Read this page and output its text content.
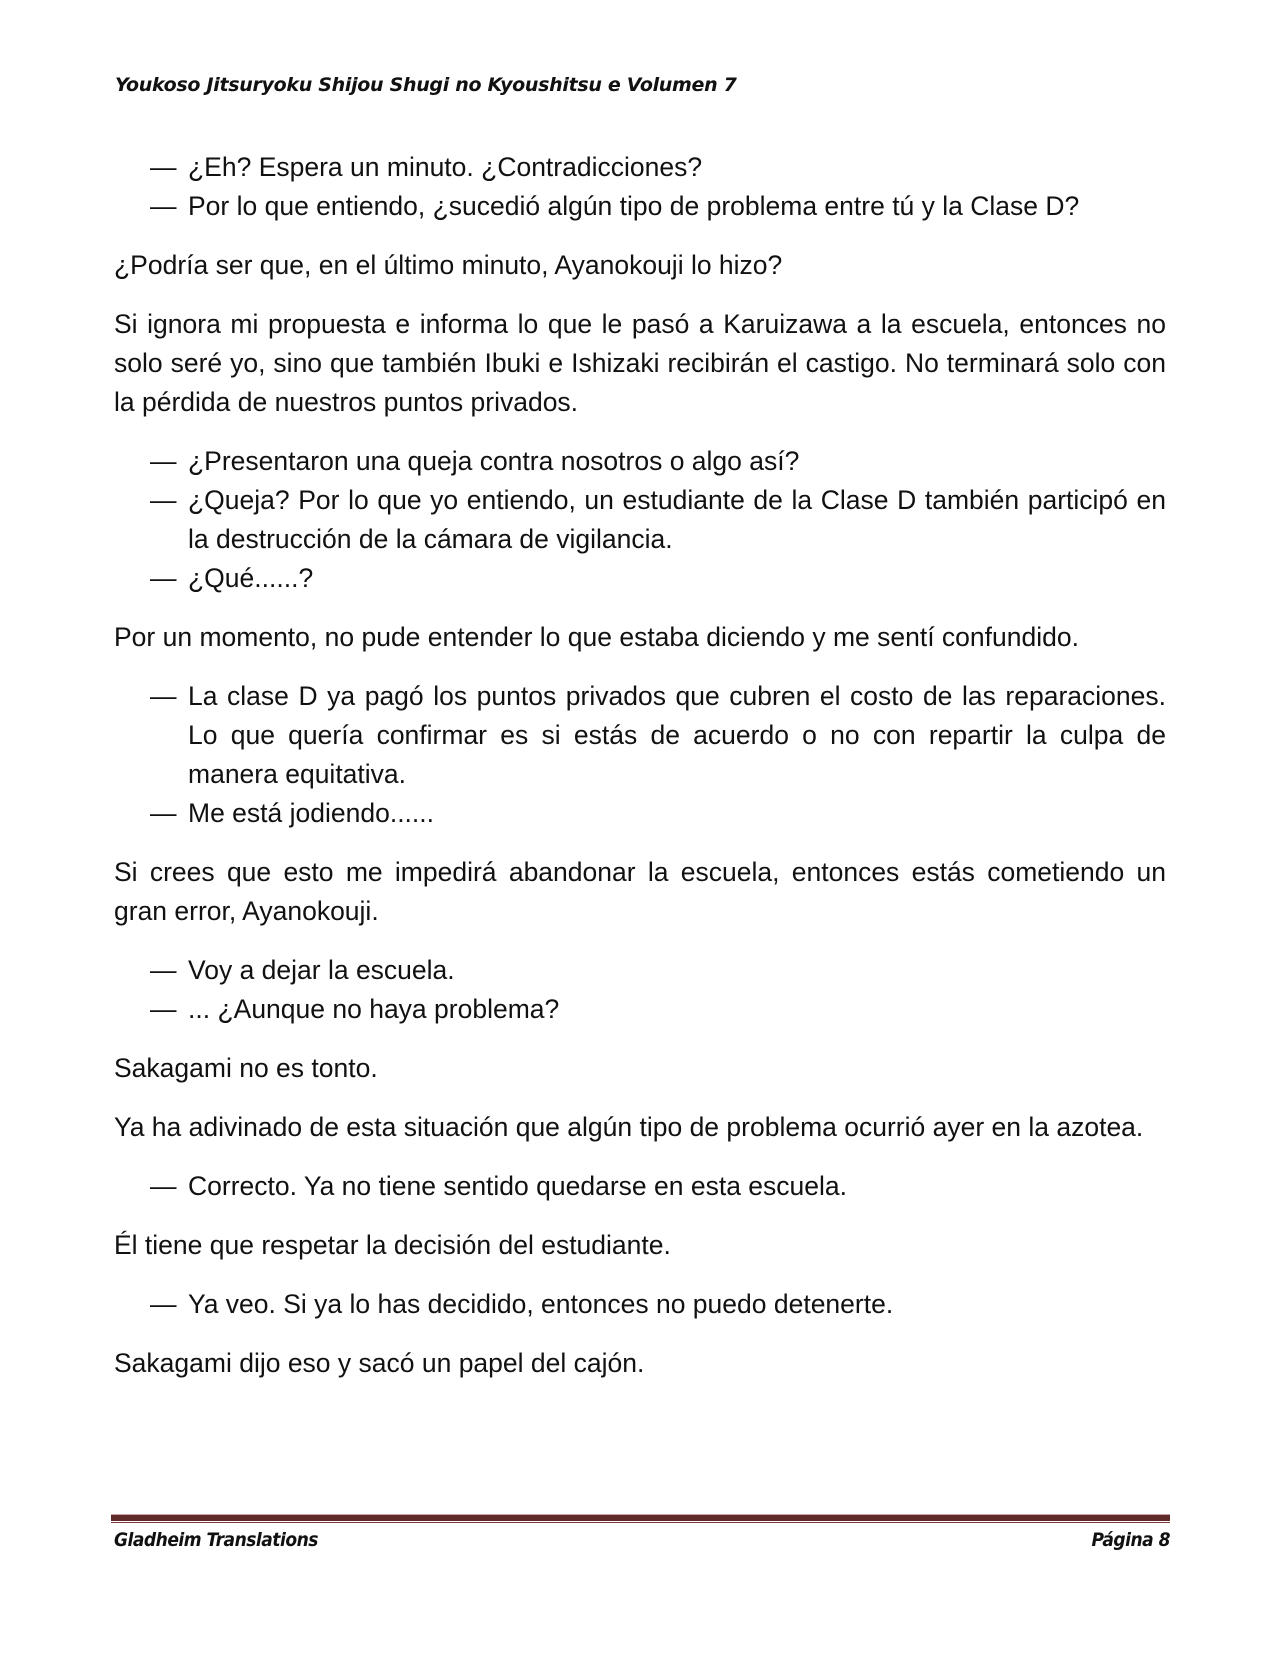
Youkoso Jitsuryoku Shijou Shugi no Kyoushitsu e Volumen 7

— ¿Eh? Espera un minuto. ¿Contradicciones?

— Por lo que entiendo, ¿sucedió algún tipo de problema entre tú y la Clase D?

¿Podría ser que, en el último minuto, Ayanokouji lo hizo?

Si ignora mi propuesta e informa lo que le pasó a Karuizawa a la escuela, entonces no solo seré yo, sino que también Ibuki e Ishizaki recibirán el castigo. No terminará solo con la pérdida de nuestros puntos privados.

— ¿Presentaron una queja contra nosotros o algo así?

— ¿Queja? Por lo que yo entiendo, un estudiante de la Clase D también participó en la destrucción de la cámara de vigilancia.

— ¿Qué......?

Por un momento, no pude entender lo que estaba diciendo y me sentí confundido.

— La clase D ya pagó los puntos privados que cubren el costo de las reparaciones. Lo que quería confirmar es si estás de acuerdo o no con repartir la culpa de manera equitativa.

— Me está jodiendo......

Si crees que esto me impedirá abandonar la escuela, entonces estás cometiendo un gran error, Ayanokouji.

— Voy a dejar la escuela.

— ... ¿Aunque no haya problema?

Sakagami no es tonto.

Ya ha adivinado de esta situación que algún tipo de problema ocurrió ayer en la azotea.

— Correcto. Ya no tiene sentido quedarse en esta escuela.

Él tiene que respetar la decisión del estudiante.

— Ya veo. Si ya lo has decidido, entonces no puedo detenerte.

Sakagami dijo eso y sacó un papel del cajón.

Gladheim Translations	Página 8
